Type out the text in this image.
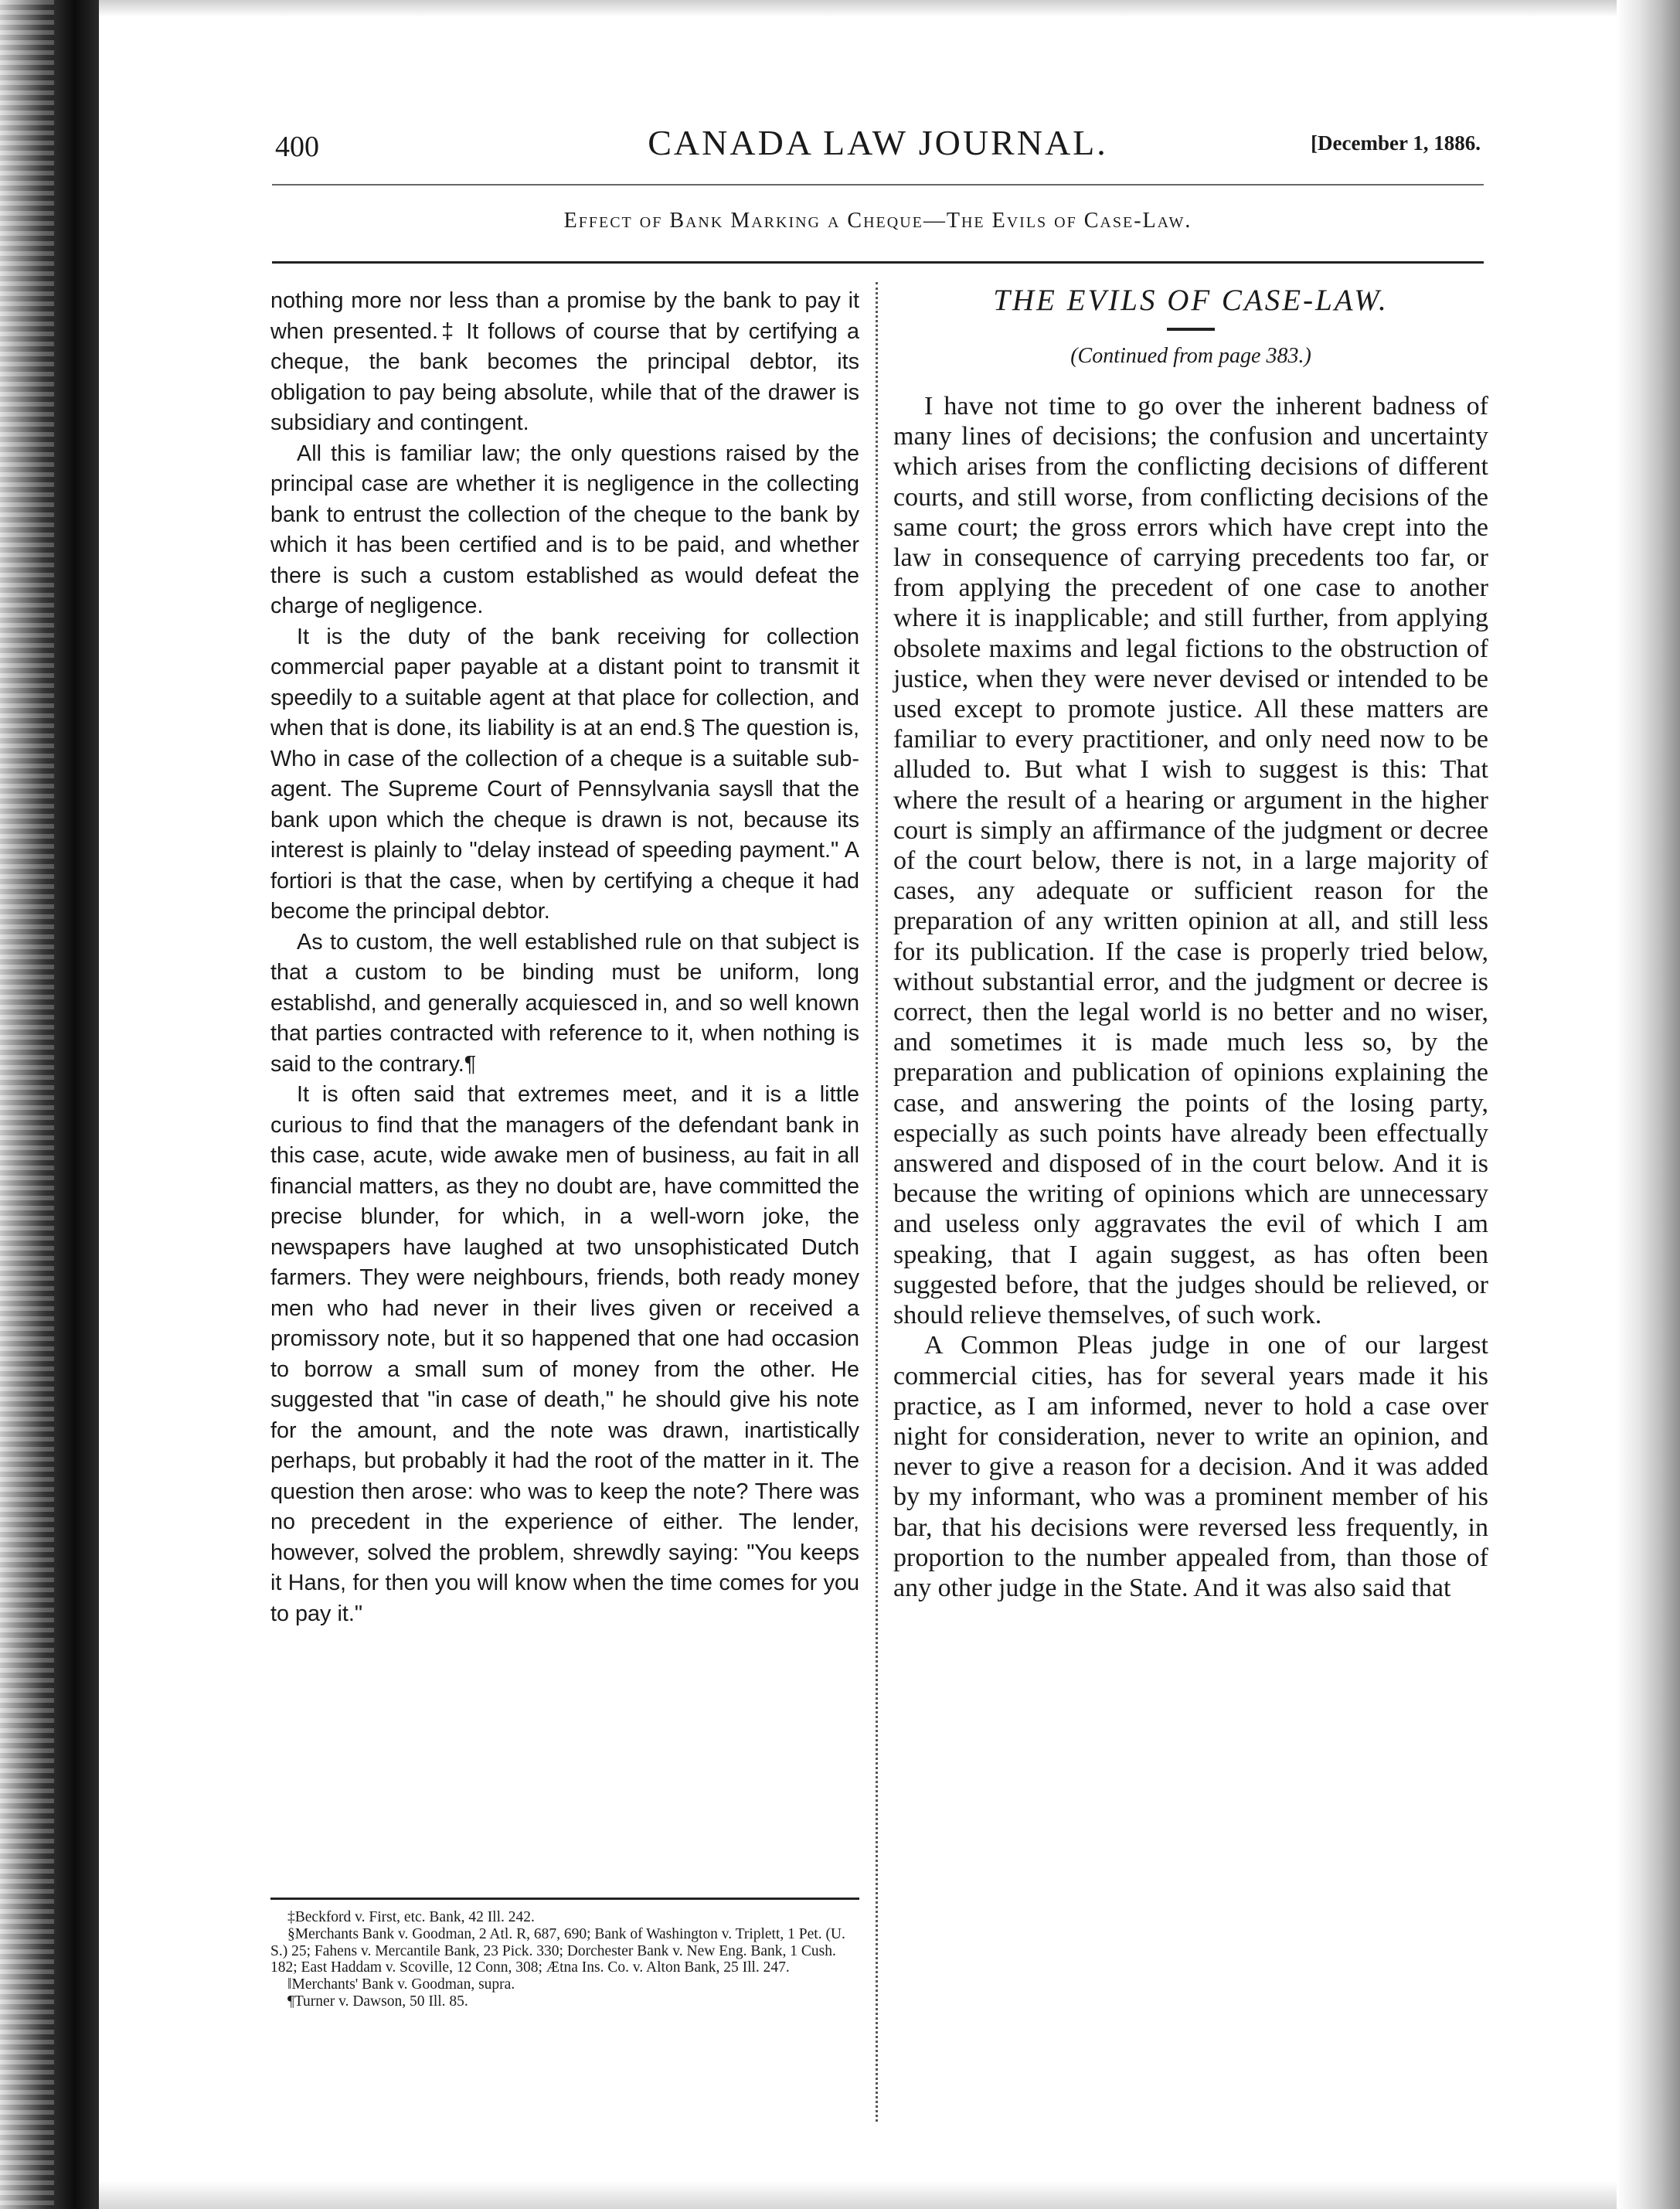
400	CANADA LAW JOURNAL.	[December 1, 1886.
Effect of Bank Marking a Cheque—The Evils of Case-Law.

nothing more nor less than a promise by the bank to pay it when presented.‡ It follows of course that by certifying a cheque, the bank becomes the principal debtor, its obligation to pay being absolute, while that of the drawer is subsidiary and contingent.

All this is familiar law; the only questions raised by the principal case are whether it is negligence in the collecting bank to entrust the collection of the cheque to the bank by which it has been certified and is to be paid, and whether there is such a custom established as would defeat the charge of negligence.

It is the duty of the bank receiving for collection commercial paper payable at a distant point to transmit it speedily to a suitable agent at that place for collection, and when that is done, its liability is at an end.§ The question is, Who in case of the collection of a cheque is a suitable sub-agent. The Supreme Court of Pennsylvania says‖ that the bank upon which the cheque is drawn is not, because its interest is plainly to "delay instead of speeding payment." A fortiori is that the case, when by certifying a cheque it had become the principal debtor.

As to custom, the well established rule on that subject is that a custom to be binding must be uniform, long establishd, and generally acquiesced in, and so well known that parties contracted with reference to it, when nothing is said to the contrary.¶

It is often said that extremes meet, and it is a little curious to find that the managers of the defendant bank in this case, acute, wide awake men of business, au fait in all financial matters, as they no doubt are, have committed the precise blunder, for which, in a well-worn joke, the newspapers have laughed at two unsophisticated Dutch farmers. They were neighbours, friends, both ready money men who had never in their lives given or received a promissory note, but it so happened that one had occasion to borrow a small sum of money from the other. He suggested that "in case of death," he should give his note for the amount, and the note was drawn, inartistically perhaps, but probably it had the root of the matter in it. The question then arose: who was to keep the note? There was no precedent in the experience of either. The lender, however, solved the problem, shrewdly saying: "You keeps it Hans, for then you will know when the time comes for you to pay it."

‡Beckford v. First, etc. Bank, 42 Ill. 242.

§Merchants Bank v. Goodman, 2 Atl. R, 687, 690; Bank of Washington v. Triplett, 1 Pet. (U. S.) 25; Fahens v. Mercantile Bank, 23 Pick. 330; Dorchester Bank v. New Eng. Bank, 1 Cush. 182; East Haddam v. Scoville, 12 Conn, 308; Ætna Ins. Co. v. Alton Bank, 25 Ill. 247.

‖Merchants' Bank v. Goodman, supra.

¶Turner v. Dawson, 50 Ill. 85.

THE EVILS OF CASE-LAW.
(Continued from page 383.)

I have not time to go over the inherent badness of many lines of decisions; the confusion and uncertainty which arises from the conflicting decisions of different courts, and still worse, from conflicting decisions of the same court; the gross errors which have crept into the law in consequence of carrying precedents too far, or from applying the precedent of one case to another where it is inapplicable; and still further, from applying obsolete maxims and legal fictions to the obstruction of justice, when they were never devised or intended to be used except to promote justice. All these matters are familiar to every practitioner, and only need now to be alluded to. But what I wish to suggest is this: That where the result of a hearing or argument in the higher court is simply an affirmance of the judgment or decree of the court below, there is not, in a large majority of cases, any adequate or sufficient reason for the preparation of any written opinion at all, and still less for its publication. If the case is properly tried below, without substantial error, and the judgment or decree is correct, then the legal world is no better and no wiser, and sometimes it is made much less so, by the preparation and publication of opinions explaining the case, and answering the points of the losing party, especially as such points have already been effectually answered and disposed of in the court below. And it is because the writing of opinions which are unnecessary and useless only aggravates the evil of which I am speaking, that I again suggest, as has often been suggested before, that the judges should be relieved, or should relieve themselves, of such work.

A Common Pleas judge in one of our largest commercial cities, has for several years made it his practice, as I am informed, never to hold a case over night for consideration, never to write an opinion, and never to give a reason for a decision. And it was added by my informant, who was a prominent member of his bar, that his decisions were reversed less frequently, in proportion to the number appealed from, than those of any other judge in the State. And it was also said that
